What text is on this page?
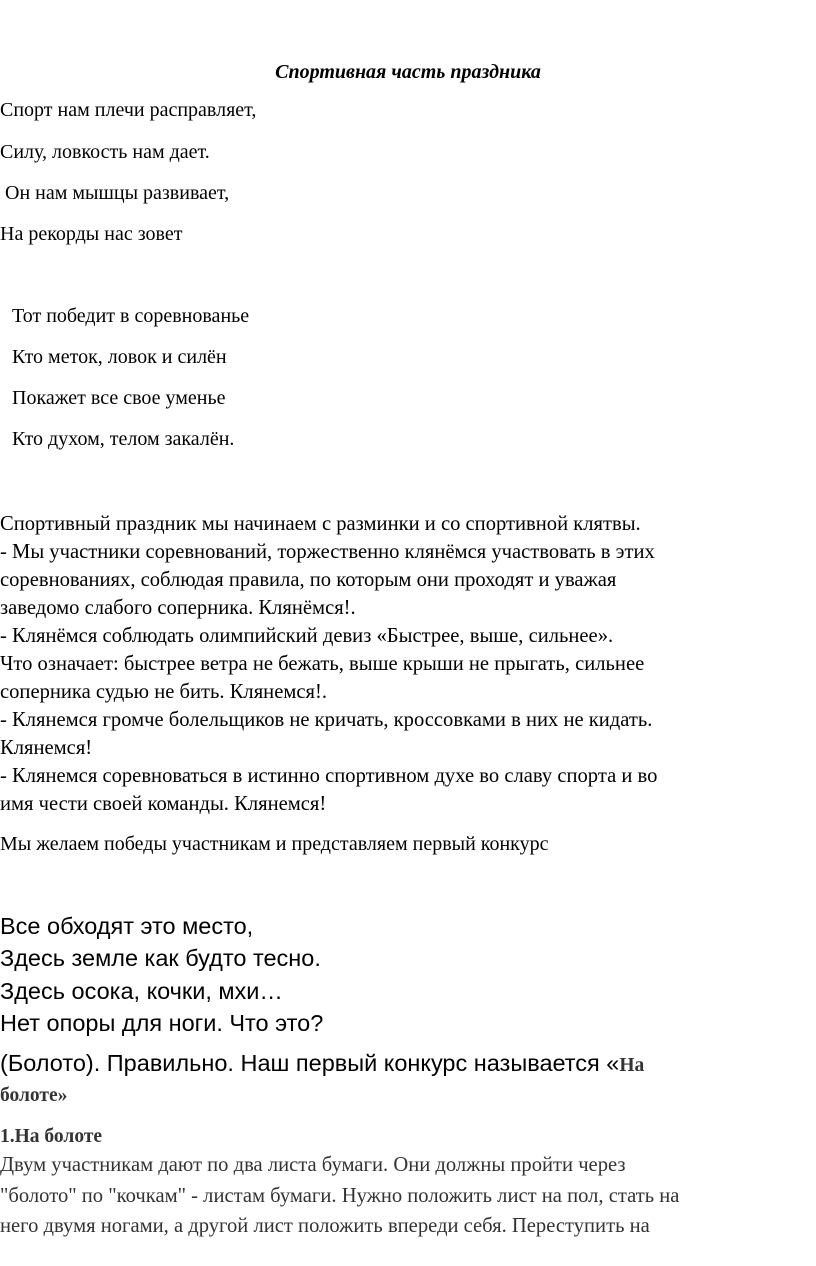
Спортивная часть праздника

Спорт нам плечи расправляет,

Силу, ловкость нам дает.

Он нам мышцы развивает,

На рекорды нас зовет

Тот победит в соревнованье

Кто меток, ловок и силён

Покажет все свое уменье

Кто духом, телом закалён.

Спортивный праздник мы начинаем с разминки и со спортивной клятвы.

- Мы участники соревнований, торжественно клянёмся участвовать в этих

соревнованиях, соблюдая правила, по которым они проходят и уважая

заведомо слабого соперника. Клянёмся!.

- Клянёмся соблюдать олимпийский девиз «Быстрее, выше, сильнее».

Что означает: быстрее ветра не бежать, выше крыши не прыгать, сильнее

соперника судью не бить. Клянемся!.

- Клянемся громче болельщиков не кричать, кроссовками в них не кидать.

Клянемся!

- Клянемся соревноваться в истинно спортивном духе во славу спорта и во

имя чести своей команды. Клянемся!

Мы желаем победы участникам и представляем первый конкурс

Все обходят это место,

Здесь земле как будто тесно.

Здесь осока, кочки, мхи…

Нет опоры для ноги. Что это?

(Болото). Правильно. Наш первый конкурс называется «На

болоте»

1.На болоте

Двум участникам дают по два листа бумаги. Они должны пройти через

"болото" по "кочкам" - листам бумаги. Нужно положить лист на пол, стать на

него двумя ногами, а другой лист положить впереди себя. Переступить на
